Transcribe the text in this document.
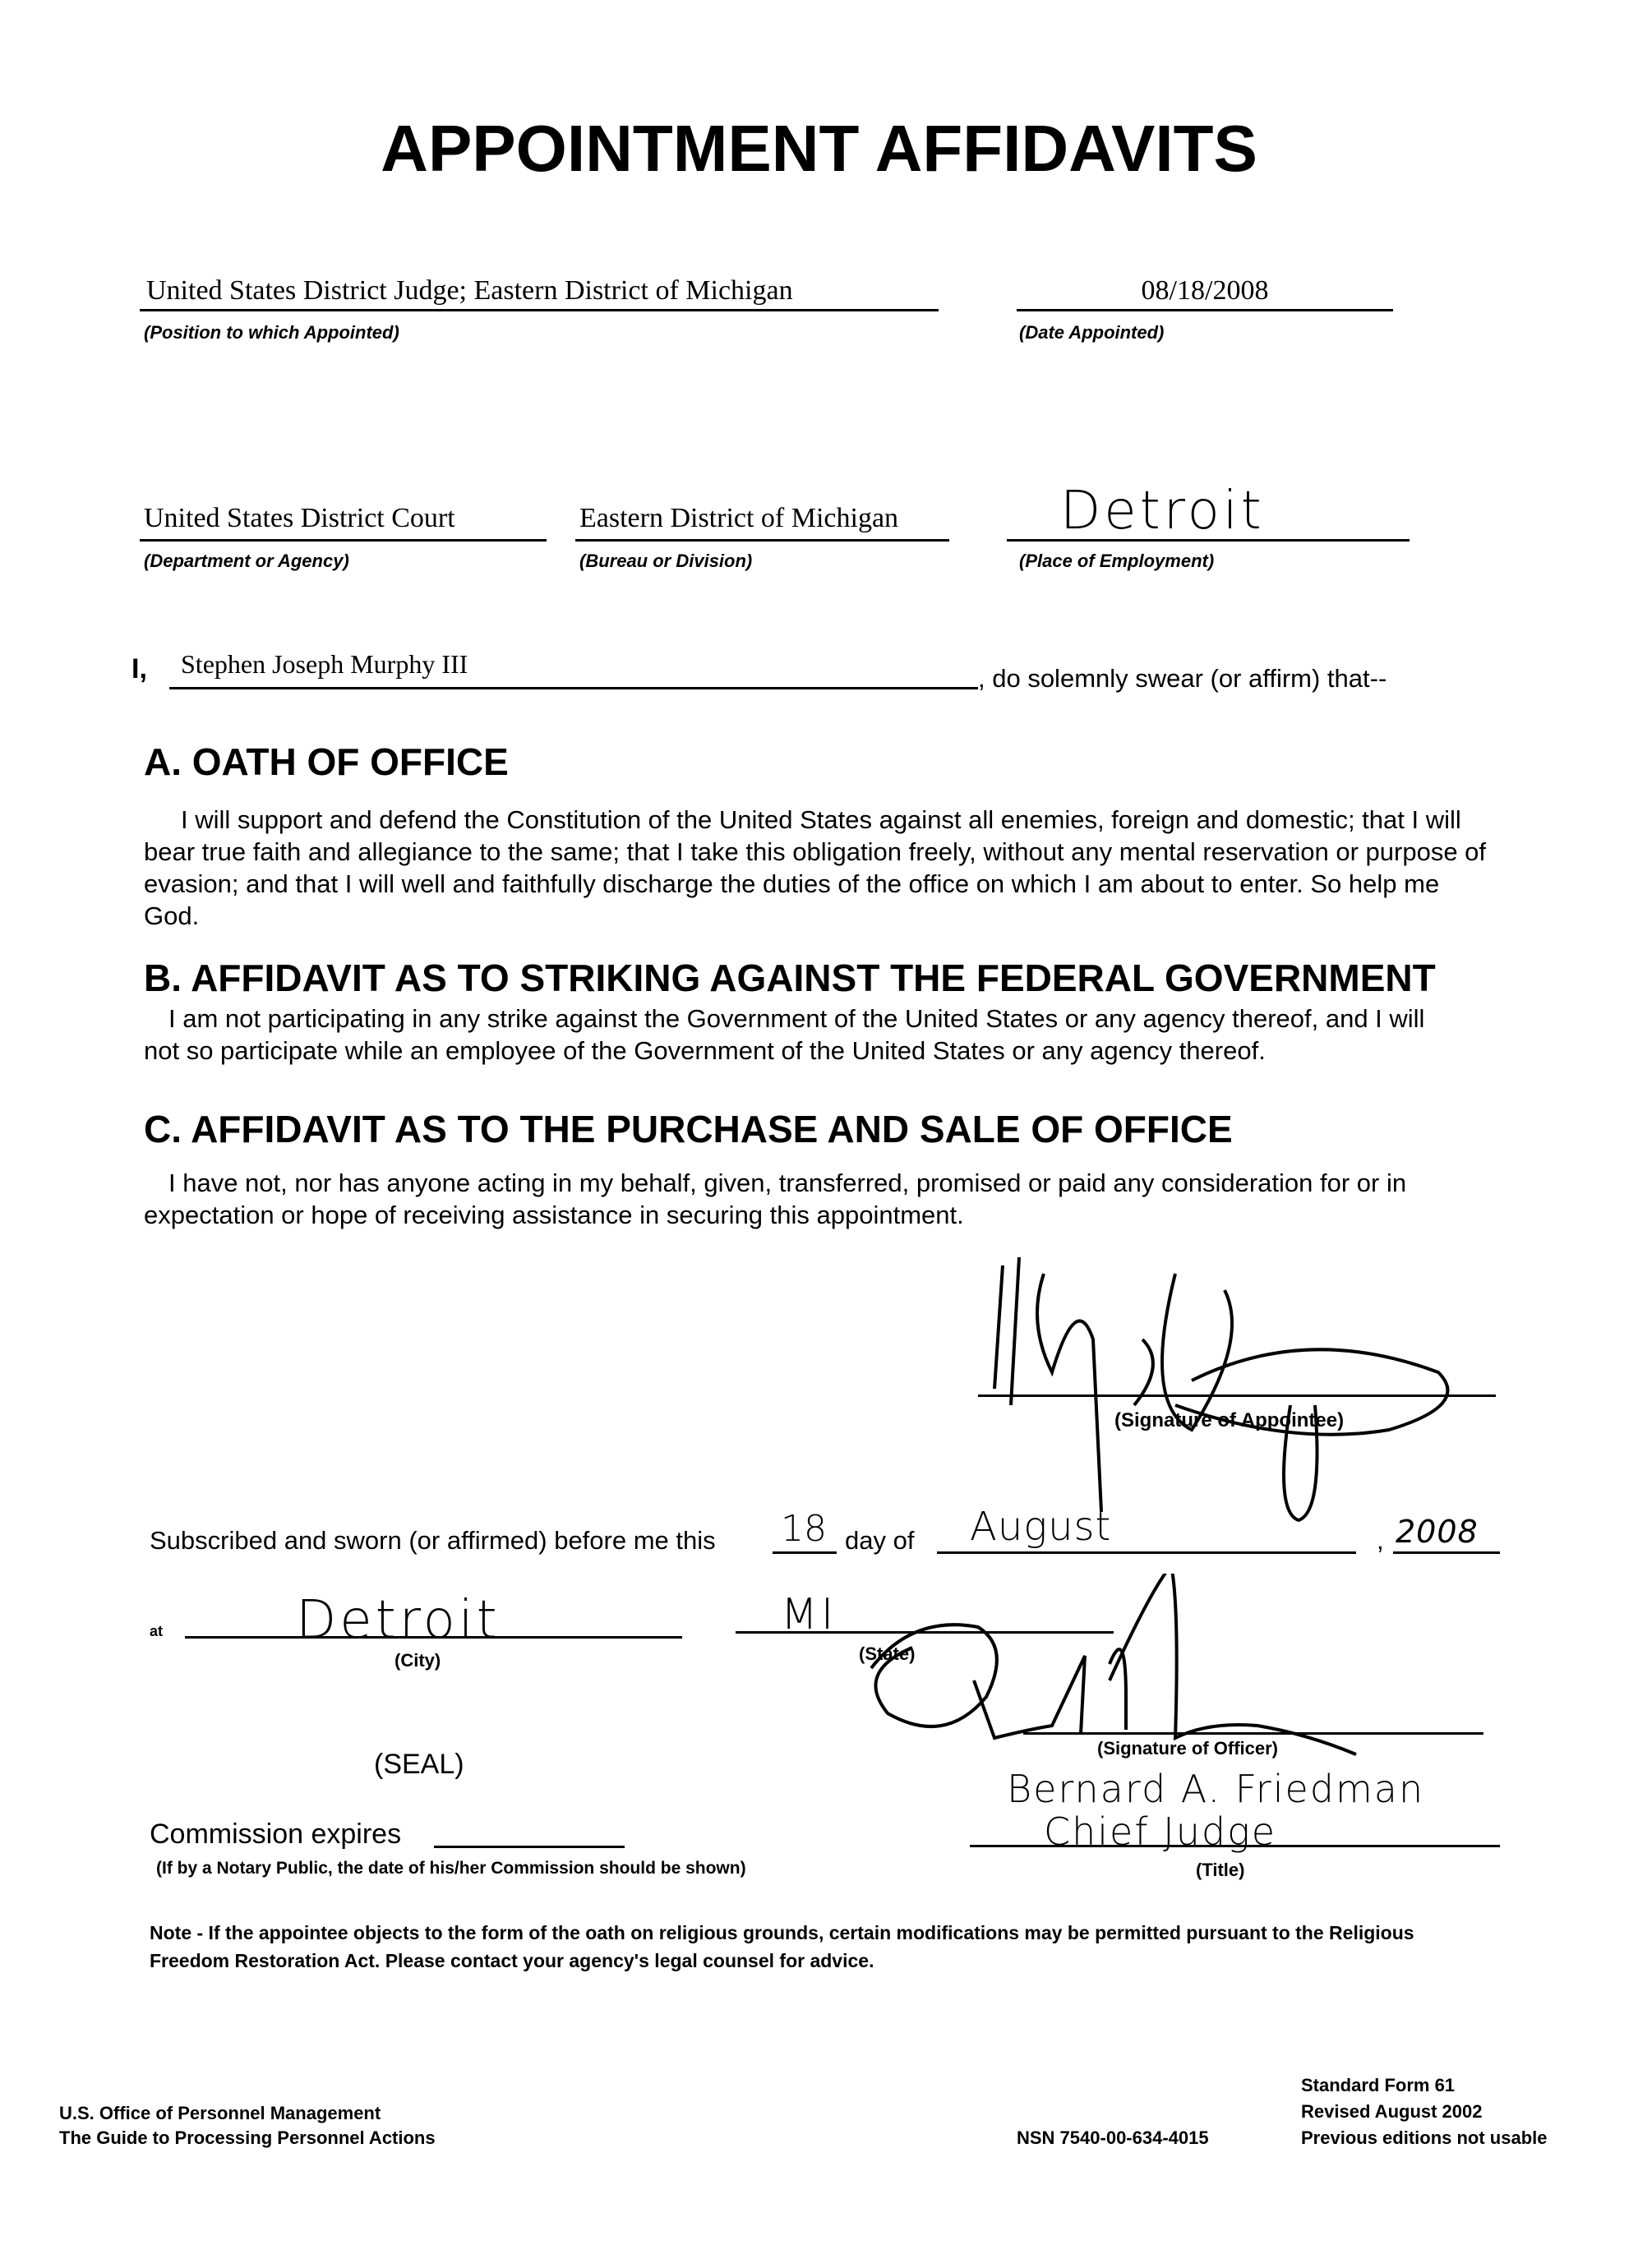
APPOINTMENT AFFIDAVITS
United States District Judge; Eastern District of Michigan
(Position to which Appointed)
08/18/2008
(Date Appointed)
United States District Court
(Department or Agency)
Eastern District of Michigan
(Bureau or Division)
Detroit
(Place of Employment)
I, Stephen Joseph Murphy III	, do solemnly swear (or affirm) that--
A. OATH OF OFFICE
I will support and defend the Constitution of the United States against all enemies, foreign and domestic; that I will bear true faith and allegiance to the same; that I take this obligation freely, without any mental reservation or purpose of evasion; and that I will well and faithfully discharge the duties of the office on which I am about to enter. So help me God.
B. AFFIDAVIT AS TO STRIKING AGAINST THE FEDERAL GOVERNMENT
I am not participating in any strike against the Government of the United States or any agency thereof, and I will not so participate while an employee of the Government of the United States or any agency thereof.
C. AFFIDAVIT AS TO THE PURCHASE AND SALE OF OFFICE
I have not, nor has anyone acting in my behalf, given, transferred, promised or paid any consideration for or in expectation or hope of receiving assistance in securing this appointment.
(Signature of Appointee)
Subscribed and sworn (or affirmed) before me this 18 day of August	, 2008
at	Detroit
(City)
MI
(State)
(Signature of Officer)
(SEAL)
Bernard A. Friedman
Chief Judge
(Title)
Commission expires
(If by a Notary Public, the date of his/her Commission should be shown)
Note - If the appointee objects to the form of the oath on religious grounds, certain modifications may be permitted pursuant to the Religious Freedom Restoration Act. Please contact your agency's legal counsel for advice.
U.S. Office of Personnel Management
The Guide to Processing Personnel Actions	NSN 7540-00-634-4015
Standard Form 61
Revised August 2002
Previous editions not usable
